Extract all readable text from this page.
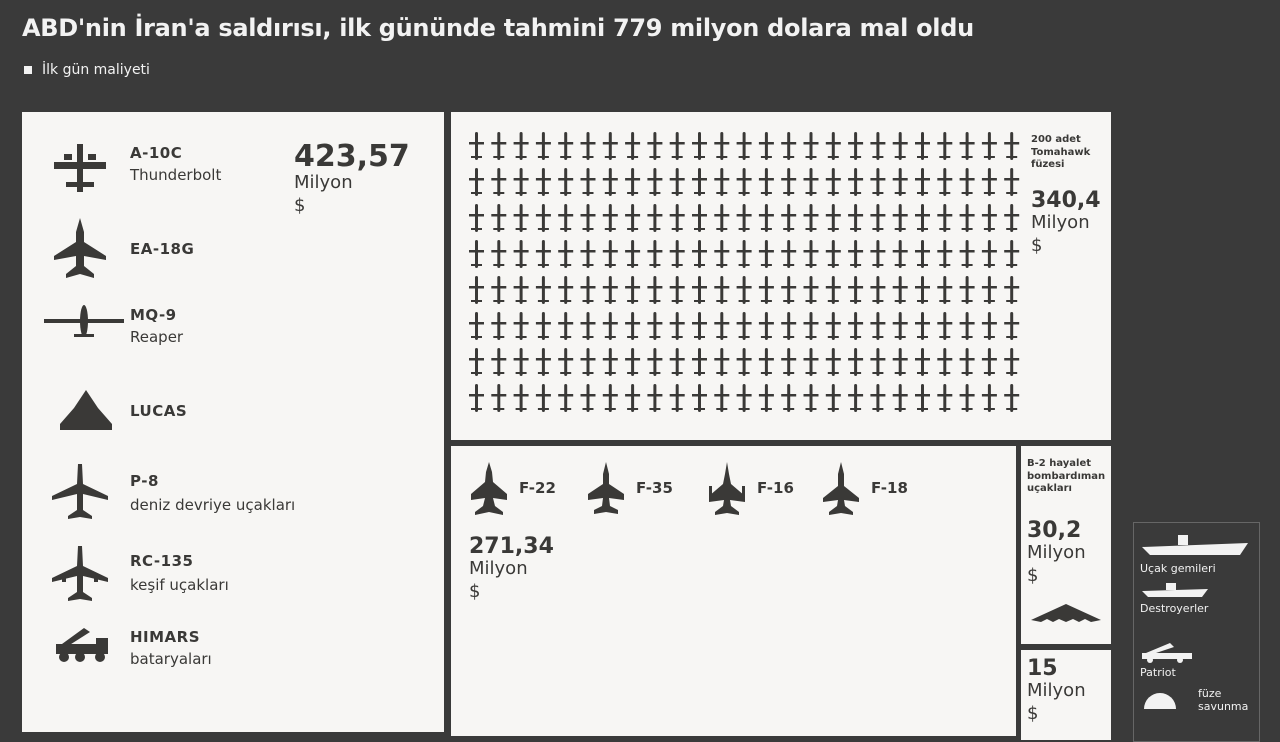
ABD'nin İran'a saldırısı, ilk gününde tahmini 779 milyon dolara mal oldu
İlk gün maliyeti
A-10C
Thunderbolt
EA-18G
MQ-9
Reaper
LUCAS
P-8
deniz devriye uçakları
RC-135
keşif uçakları
HIMARS
bataryaları
423,57
Milyon
$
200 adet Tomahawk füzesi
340,4
Milyon
$
F-22	F-35	F-16	F-18
271,34
Milyon
$
B-2 hayalet bombardıman uçakları
30,2
Milyon
$
15
Milyon
$
Uçak gemileri
Destroyerler
Patriot
füze savunma
